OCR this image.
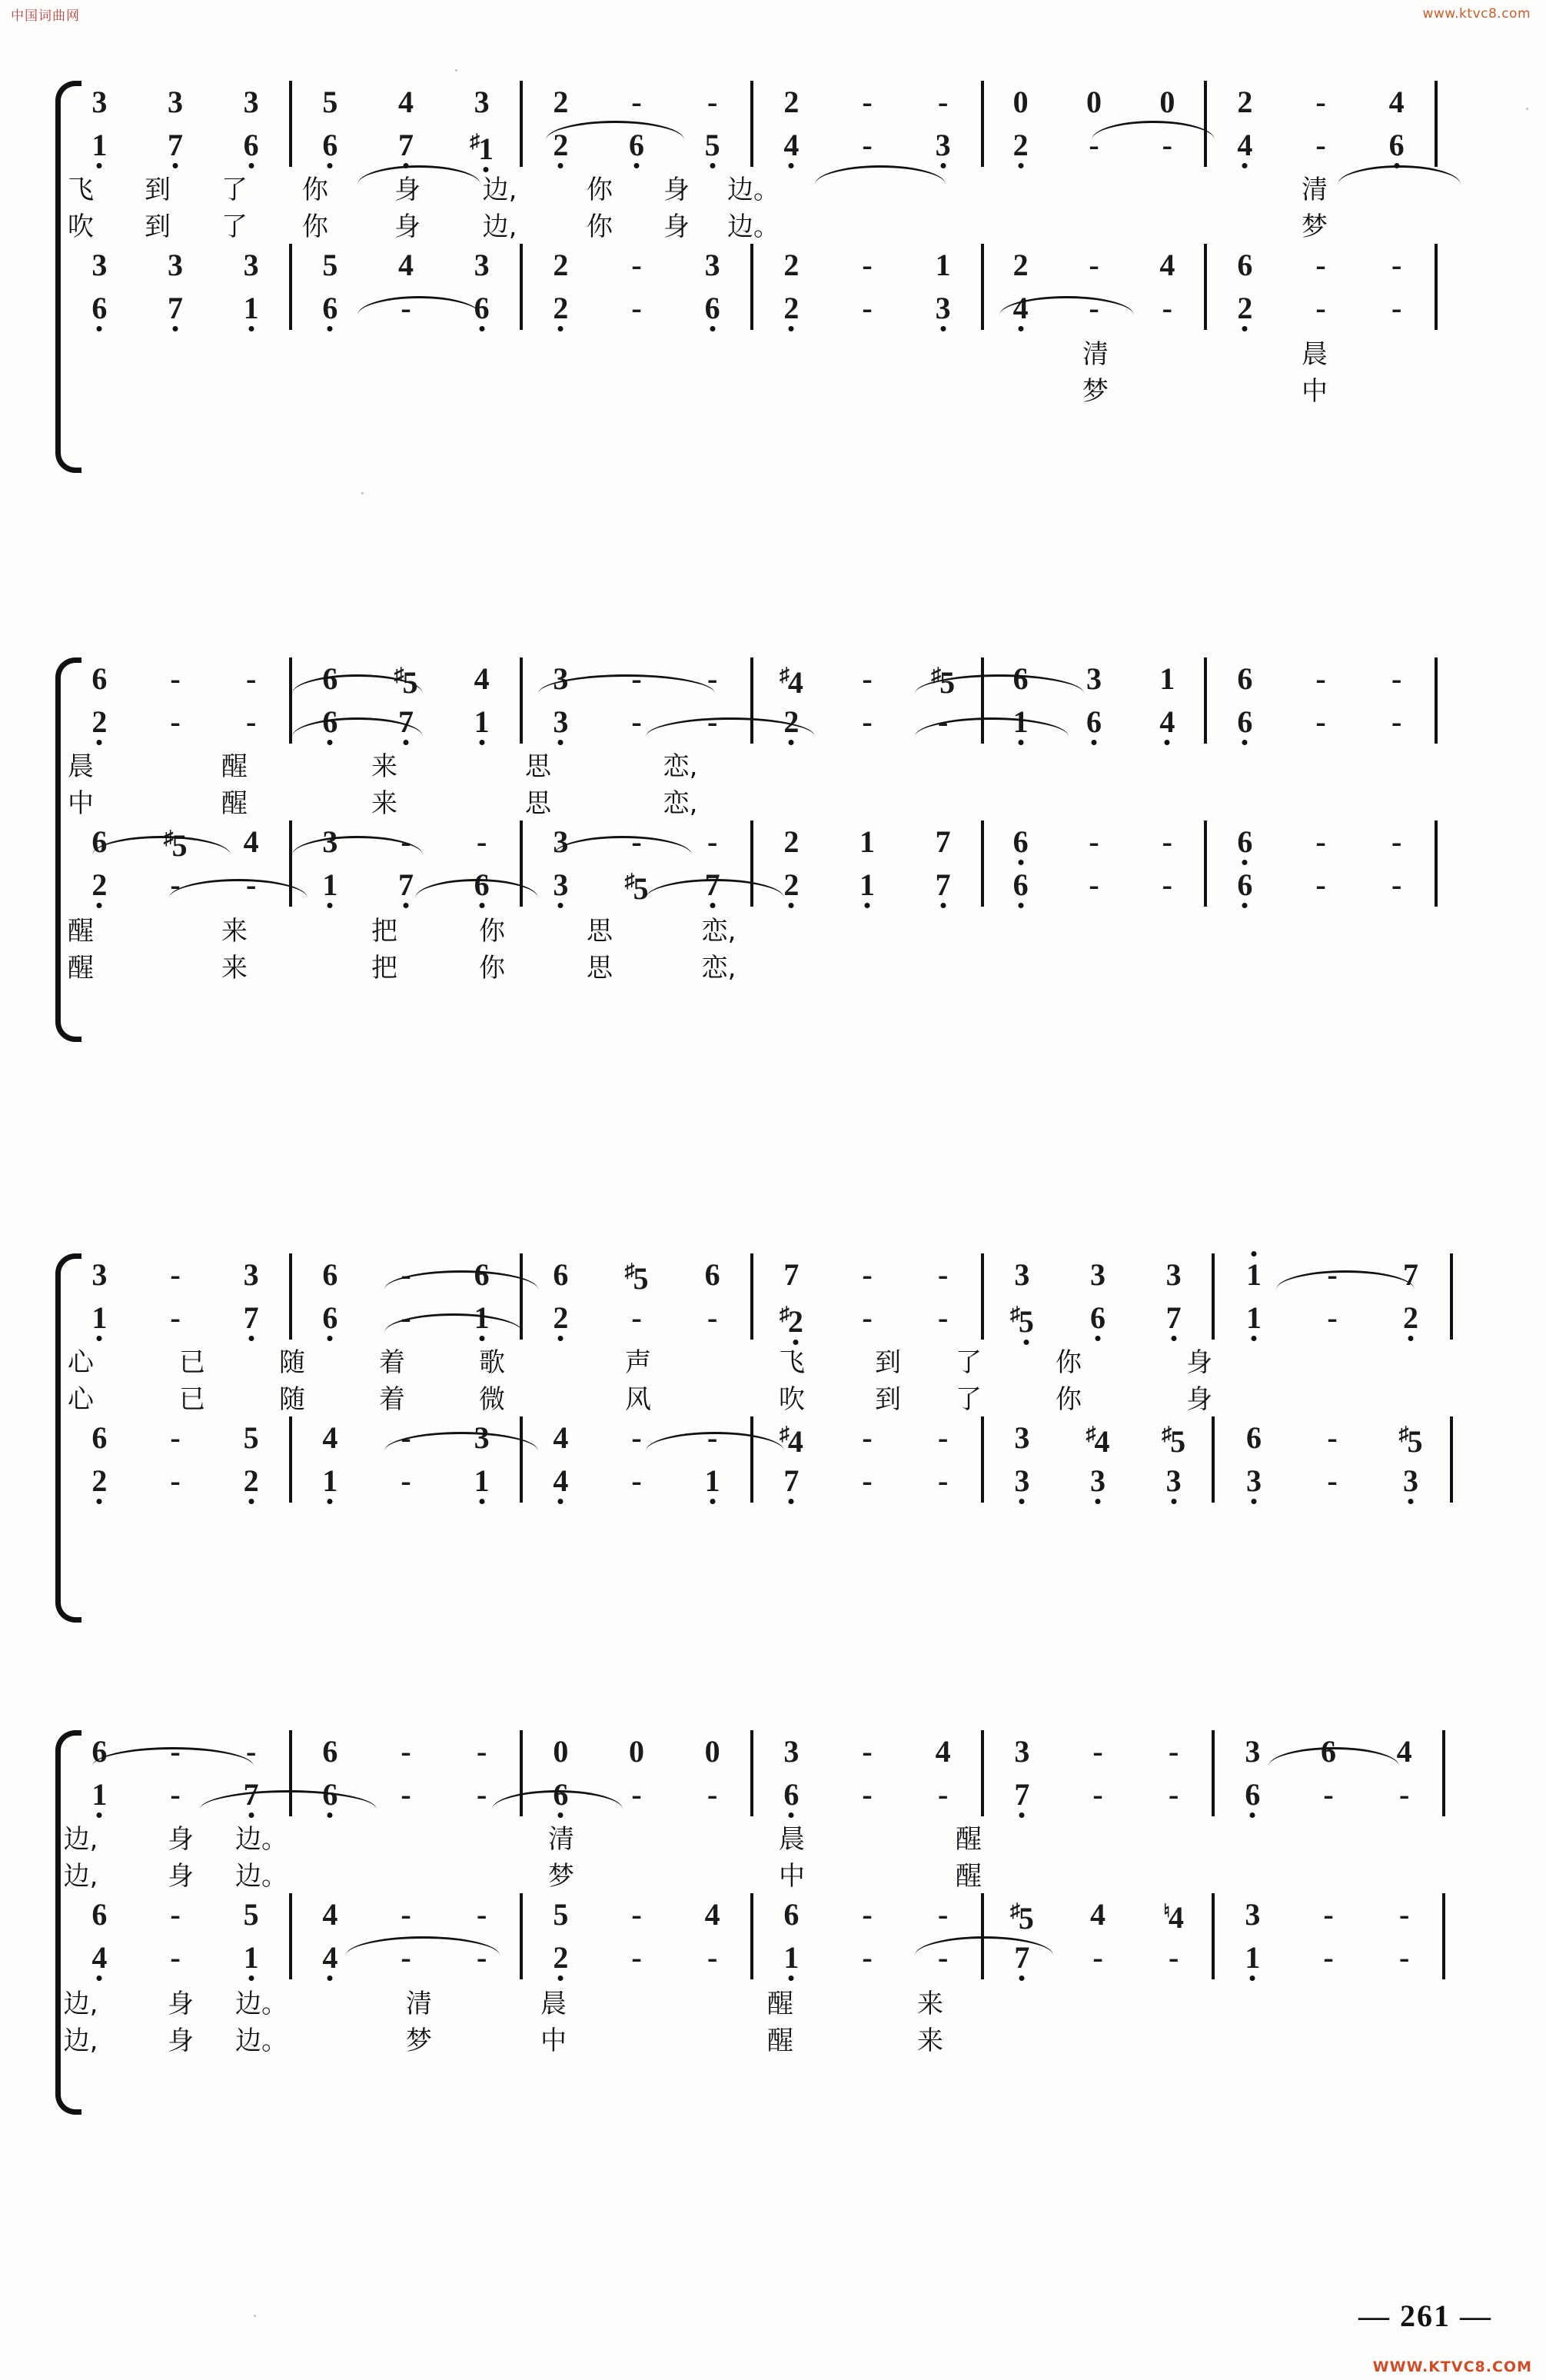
中国词曲网	www.ktvc8.com
WWW.KTVC8.COM
— 261 —
3	3	3	5	4	3	2	-	-	2	-	-	0	0	0	2	-	4
1	7	6	6	7	♯1	2	6	5	4	-	3	2	-	-	4	-	6
飞 到 了 你	身 边,	你 身 边。	清
吹 到 了 你	身 边,	你 身 边。	梦
3	3	3	5	4	3	2	-	3	2	-	1	2	-	4	6	-	-
6	7	1	6	-	6	2	-	6	2	-	3	4	-	-	2	-	-
清	晨
梦	中
6	-	-	6	♯5	4	3	-	-	♯4	-	♯5	6	3	1	6	-	-
2	-	-	6	7	1	3	-	-	2	-	-	1	6	4	6	-	-
晨	醒	来	思	恋,
中	醒	来	思	恋,
6	♯5	4	3	-	-	3	-	-	2	1	7	6	-	-	6	-	-
2	-	-	1	7	6	3	♯5	7	2	1	7	6	-	-	6	-	-
醒	来	把	你	思	恋,
醒	来	把	你	思	恋,
3	-	3	6	-	6	6	♯5	6	7	-	-	3	3	3	1	-	7
1	-	7	6	-	1	2	-	-	♯2	-	-	♯5	6	7	1	-	2
心	已	随	着	歌	声	飞	到 了	你	身
心	已	随	着	微	风	吹	到 了	你	身
6	-	5	4	-	3	4	-	-	♯4	-	-	3	♯4	♯5	6	-	♯5
2	-	2	1	-	1	4	-	1	7	-	-	3	3	3	3	-	3
6	-	-	6	-	-	0	0	0	3	-	4	3	-	-	3	6	4
1	-	7	6	-	-	6	-	-	6	-	-	7	-	-	6	-	-
边,	身 边。	清	晨	醒
边,	身 边。	梦	中	醒
6	-	5	4	-	-	5	-	4	6	-	-	♯5	4	♮4	3	-	-
4	-	1	4	-	-	2	-	-	1	-	-	7	-	-	1	-	-
边,	身 边。	清	晨	醒	来
边,	身 边。	梦	中	醒	来
